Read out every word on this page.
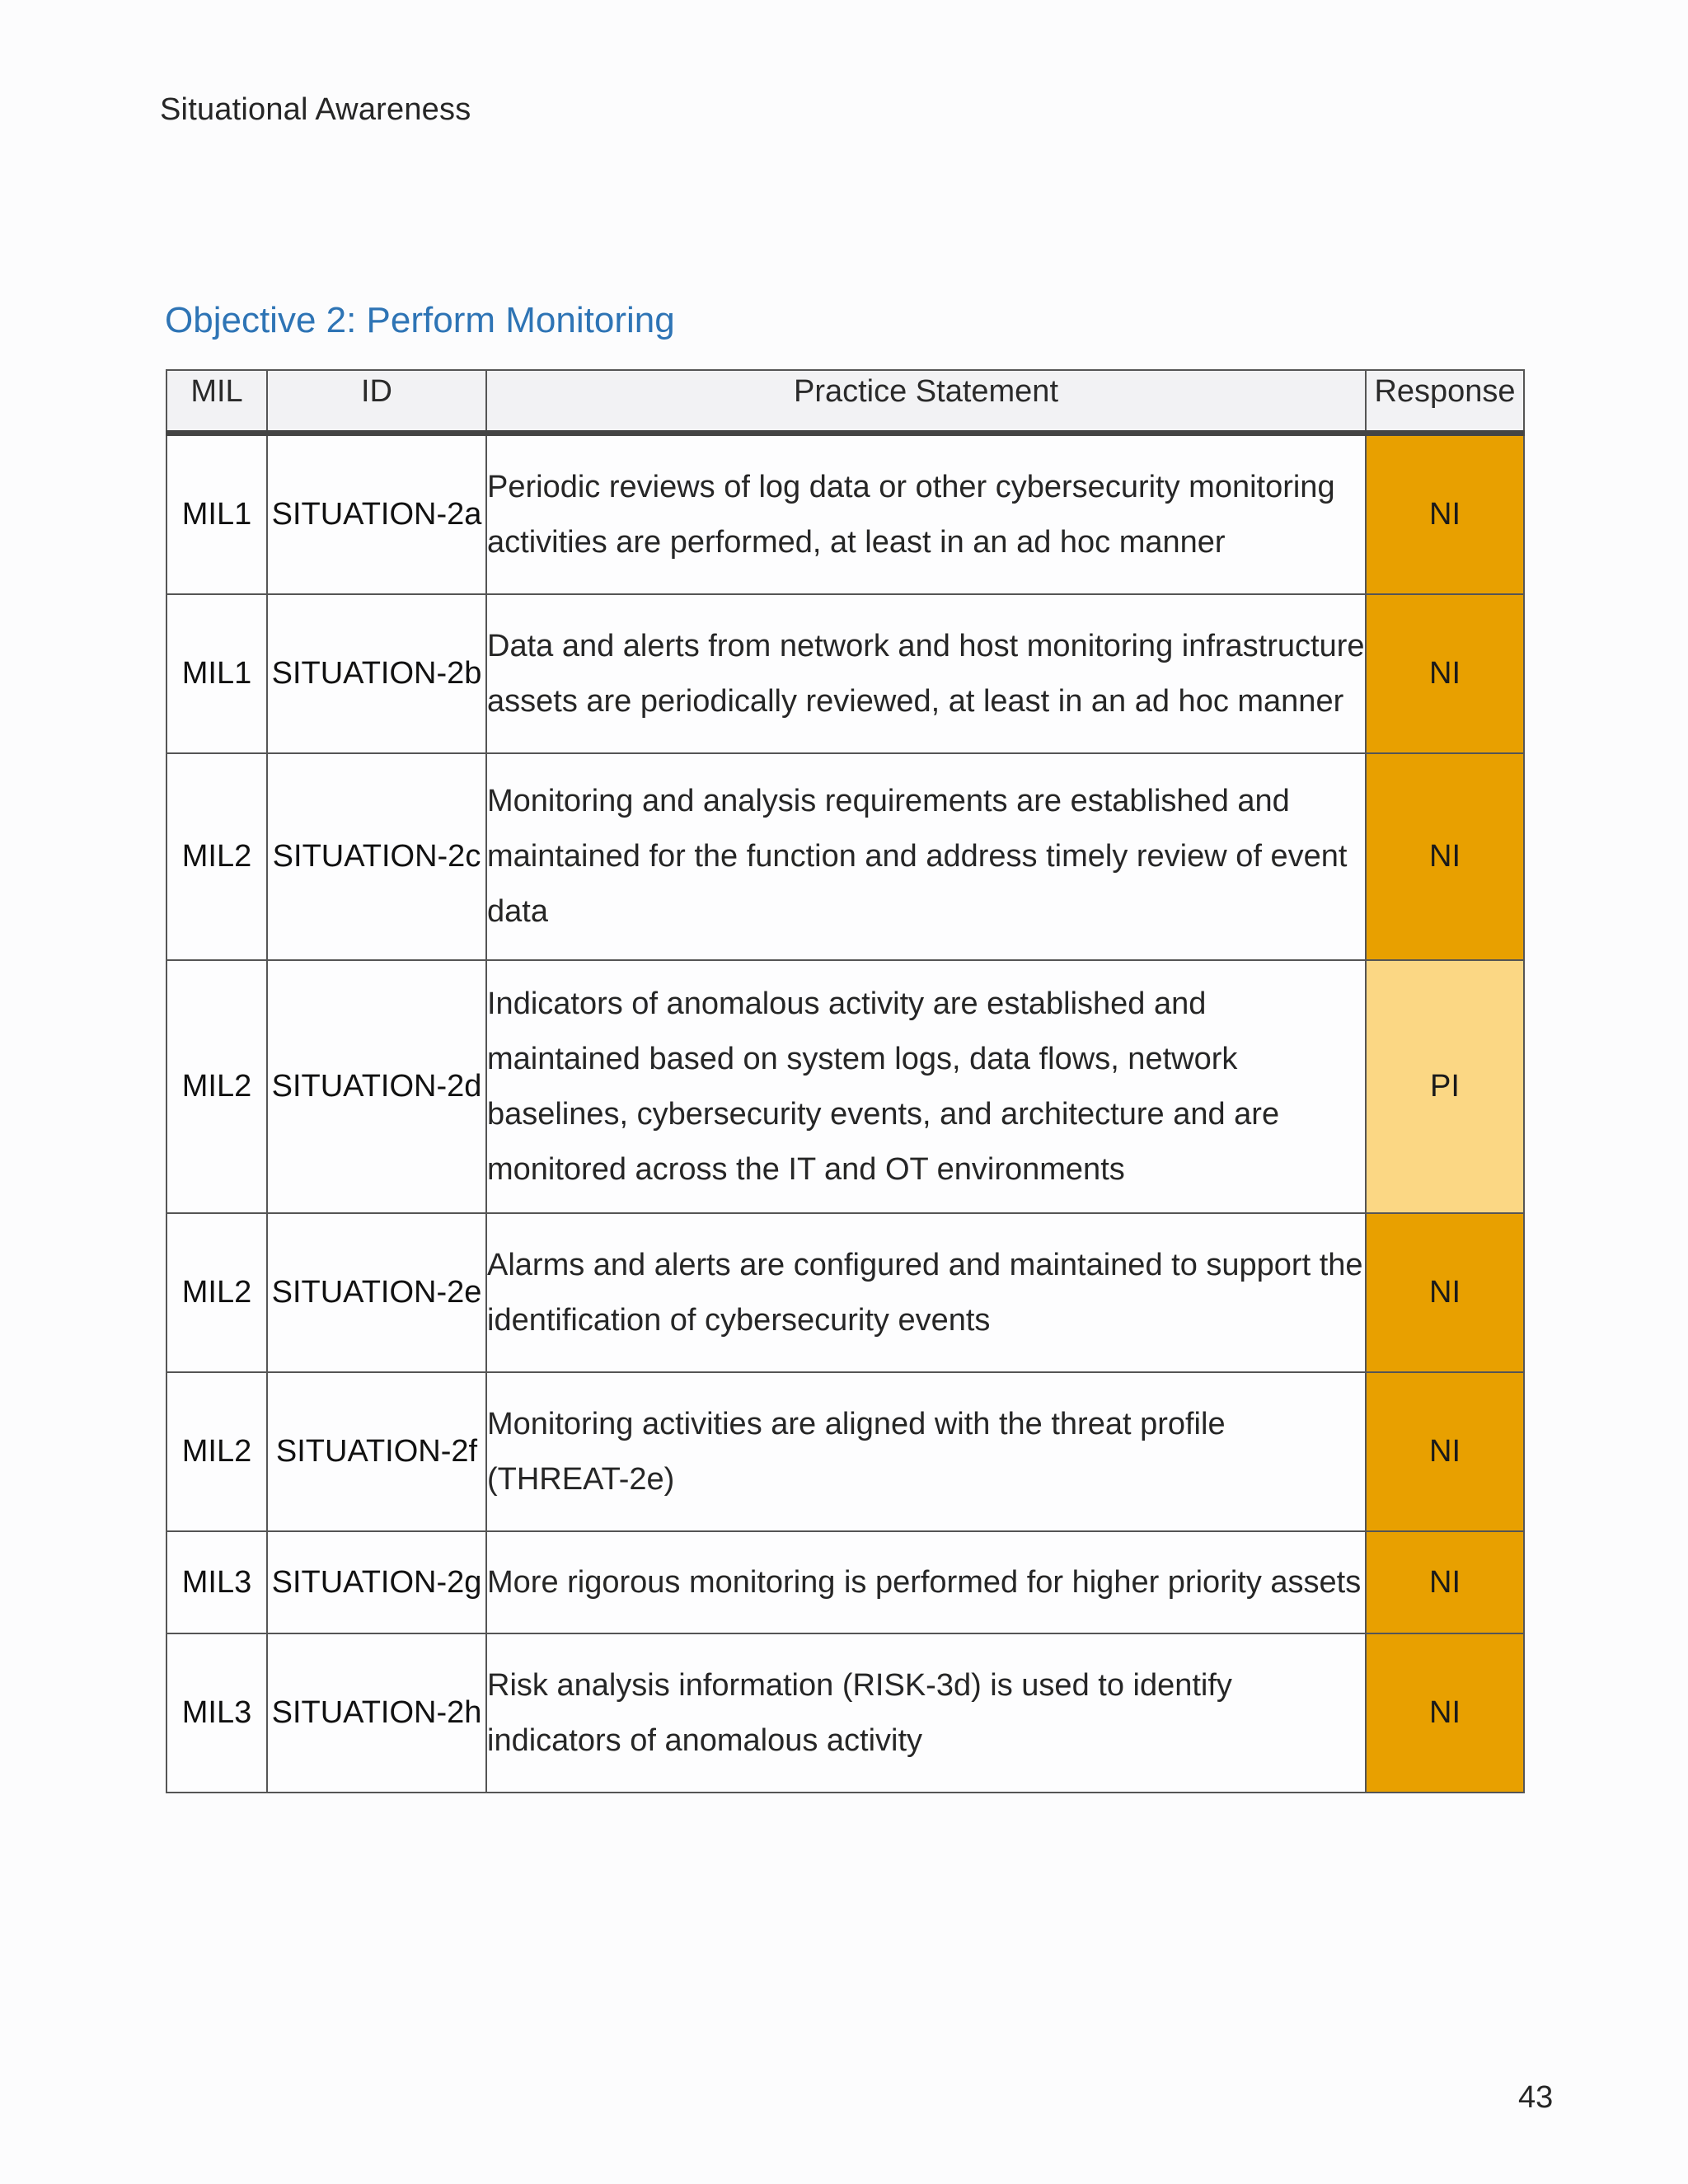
Situational Awareness
Objective 2: Perform Monitoring
MIL	ID	Practice Statement	Response
MIL1	SITUATION-2a	Periodic reviews of log data or other cybersecurity monitoring activities are performed, at least in an ad hoc manner	NI
MIL1	SITUATION-2b	Data and alerts from network and host monitoring infrastructure assets are periodically reviewed, at least in an ad hoc manner	NI
MIL2	SITUATION-2c	Monitoring and analysis requirements are established and maintained for the function and address timely review of event data	NI
MIL2	SITUATION-2d	Indicators of anomalous activity are established and maintained based on system logs, data flows, network baselines, cybersecurity events, and architecture and are monitored across the IT and OT environments	PI
MIL2	SITUATION-2e	Alarms and alerts are configured and maintained to support the identification of cybersecurity events	NI
MIL2	SITUATION-2f	Monitoring activities are aligned with the threat profile (THREAT-2e)	NI
MIL3	SITUATION-2g	More rigorous monitoring is performed for higher priority assets	NI
MIL3	SITUATION-2h	Risk analysis information (RISK-3d) is used to identify indicators of anomalous activity	NI
43
